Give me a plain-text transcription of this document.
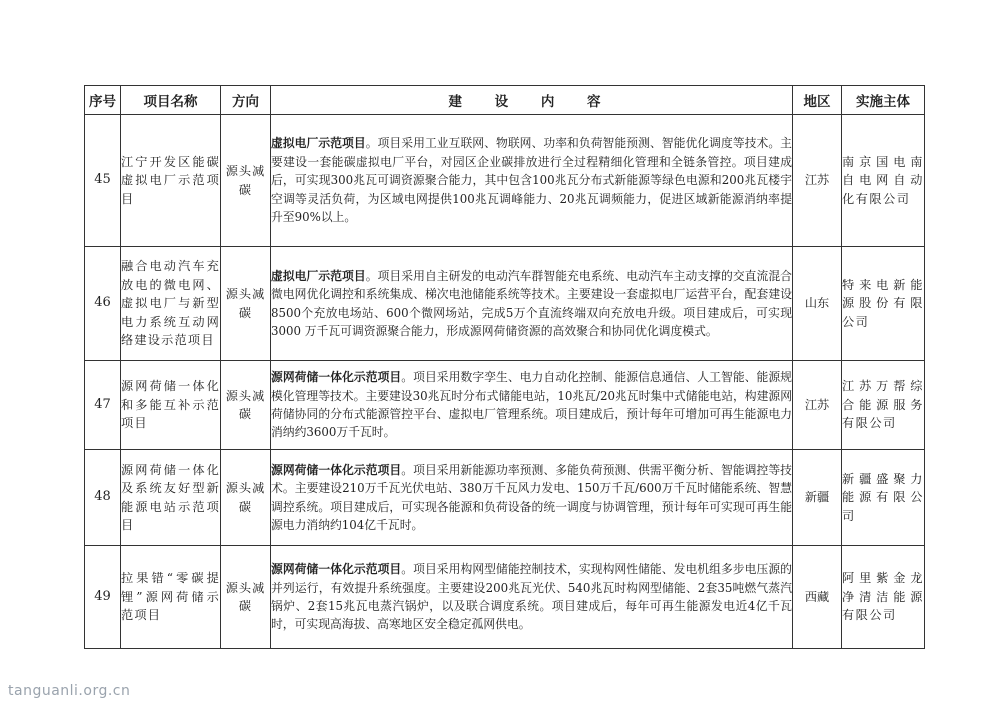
序号	项目名称	方向	建 设 内 容	地区	实施主体
45	江宁开发区能碳虚拟电厂示范项目	源头减碳	虚拟电厂示范项目。项目采用工业互联网、物联网、功率和负荷智能预测、智能优化调度等技术。主要建设一套能碳虚拟电厂平台，对园区企业碳排放进行全过程精细化管理和全链条管控。项目建成后，可实现300兆瓦可调资源聚合能力，其中包含100兆瓦分布式新能源等绿色电源和200兆瓦楼宇空调等灵活负荷，为区域电网提供100兆瓦调峰能力、20兆瓦调频能力，促进区域新能源消纳率提升至90%以上。	江苏	南京国电南自电网自动化有限公司
46	融合电动汽车充放电的微电网、虚拟电厂与新型电力系统互动网络建设示范项目	源头减碳	虚拟电厂示范项目。项目采用自主研发的电动汽车群智能充电系统、电动汽车主动支撑的交直流混合微电网优化调控和系统集成、梯次电池储能系统等技术。主要建设一套虚拟电厂运营平台，配套建设8500个充放电场站、600个微网场站，完成5万个直流终端双向充放电升级。项目建成后，可实现 3000 万千瓦可调资源聚合能力，形成源网荷储资源的高效聚合和协同优化调度模式。	山东	特来电新能源股份有限公司
47	源网荷储一体化和多能互补示范项目	源头减碳	源网荷储一体化示范项目。项目采用数字孪生、电力自动化控制、能源信息通信、人工智能、能源规模化管理等技术。主要建设30兆瓦时分布式储能电站，10兆瓦/20兆瓦时集中式储能电站，构建源网荷储协同的分布式能源管控平台、虚拟电厂管理系统。项目建成后，预计每年可增加可再生能源电力消纳约3600万千瓦时。	江苏	江苏万帮综合能源服务有限公司
48	源网荷储一体化及系统友好型新能源电站示范项目	源头减碳	源网荷储一体化示范项目。项目采用新能源功率预测、多能负荷预测、供需平衡分析、智能调控等技术。主要建设210万千瓦光伏电站、380万千瓦风力发电、150万千瓦/600万千瓦时储能系统、智慧调控系统。项目建成后，可实现各能源和负荷设备的统一调度与协调管理，预计每年可实现可再生能源电力消纳约104亿千瓦时。	新疆	新疆盛聚力能源有限公司
49	拉果错“零碳提锂”源网荷储示范项目	源头减碳	源网荷储一体化示范项目。项目采用构网型储能控制技术，实现构网性储能、发电机组多步电压源的并列运行，有效提升系统强度。主要建设200兆瓦光伏、540兆瓦时构网型储能、2套35吨燃气蒸汽锅炉、2套15兆瓦电蒸汽锅炉，以及联合调度系统。项目建成后，每年可再生能源发电近4亿千瓦时，可实现高海拔、高寒地区安全稳定孤网供电。	西藏	阿里紫金龙净清洁能源有限公司
tanguanli.org.cn
